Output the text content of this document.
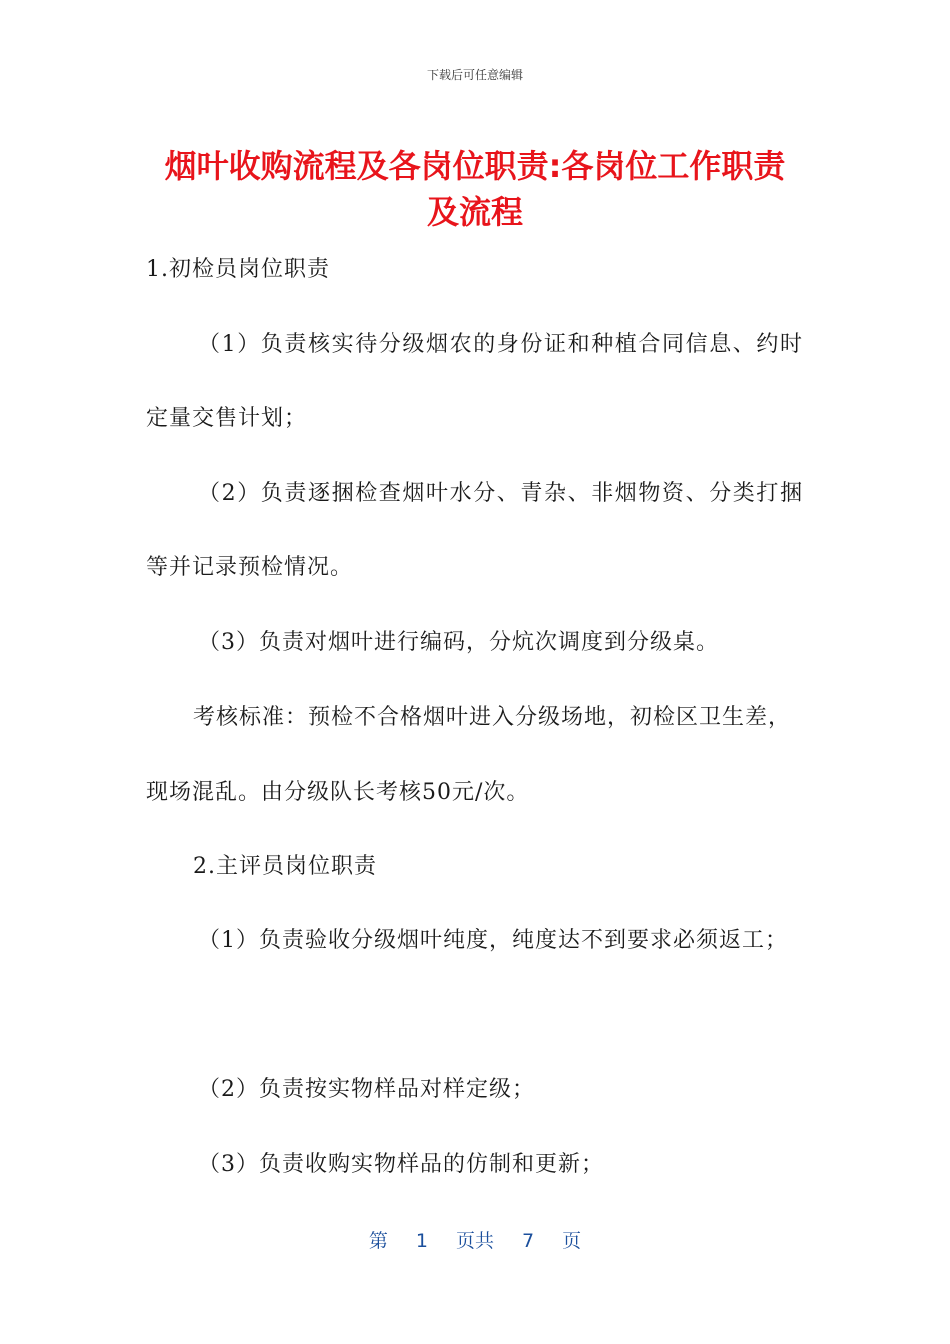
下载后可任意编辑
烟叶收购流程及各岗位职责:各岗位工作职责
及流程
1.初检员岗位职责
（1）负责核实待分级烟农的身份证和种植合同信息、约时
定量交售计划；
（2）负责逐捆检查烟叶水分、青杂、非烟物资、分类打捆
等并记录预检情况。
（3）负责对烟叶进行编码，分炕次调度到分级桌。
考核标准：预检不合格烟叶进入分级场地，初检区卫生差，
现场混乱。由分级队长考核50元/次。
2.主评员岗位职责
（1）负责验收分级烟叶纯度，纯度达不到要求必须返工；
（2）负责按实物样品对样定级；
（3）负责收购实物样品的仿制和更新；
第 1 页共 7 页
